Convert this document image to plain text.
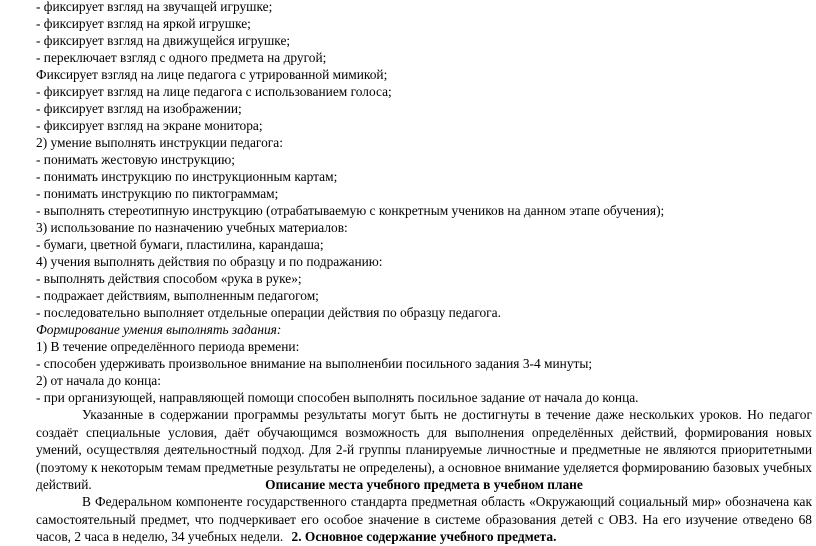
- фиксирует взгляд на звучащей игрушке;
- фиксирует взгляд на яркой игрушке;
- фиксирует взгляд на движущейся игрушке;
- переключает взгляд с одного предмета на другой;
Фиксирует взгляд на лице педагога с утрированной мимикой;
- фиксирует взгляд на лице педагога с использованием голоса;
- фиксирует взгляд на изображении;
- фиксирует взгляд на экране монитора;
2) умение выполнять инструкции педагога:
- понимать жестовую инструкцию;
- понимать инструкцию по инструкционным картам;
- понимать инструкцию по пиктограммам;
- выполнять стереотипную инструкцию (отрабатываемую с конкретным учеников на данном этапе обучения);
3) использование по назначению учебных материалов:
- бумаги, цветной бумаги, пластилина, карандаша;
4) учения выполнять действия по образцу и по подражанию:
- выполнять действия способом «рука в руке»;
- подражает действиям, выполненным педагогом;
- последовательно выполняет отдельные операции действия по образцу педагога.
Формирование умения выполнять задания:
1) В течение определённого периода времени:
- способен удерживать произвольное внимание на выполненбии посильного задания 3-4 минуты;
2) от начала до конца:
- при организующей, направляющей помощи способен выполнять посильное задание от начала до конца.
Указанные в содержании программы результаты могут быть не достигнуты в течение даже нескольких уроков. Но педагог создаёт специальные условия, даёт обучающимся возможность для выполнения определённых действий, формирования новых умений, осуществляя деятельностный подход. Для 2-й группы планируемые личностные и предметные не являются приоритетными (поэтому к некоторым темам предметные результаты не определены), а основное внимание уделяется формированию базовых учебных действий.	Описание места учебного предмета в учебном плане
В Федеральном компоненте государственного стандарта предметная область «Окружающий социальный мир» обозначена как самостоятельный предмет, что подчеркивает его особое значение в системе образования детей с ОВЗ. На его изучение отведено 68 часов, 2 часа в неделю, 34 учебных недели. 2. Основное содержание учебного предмета.
